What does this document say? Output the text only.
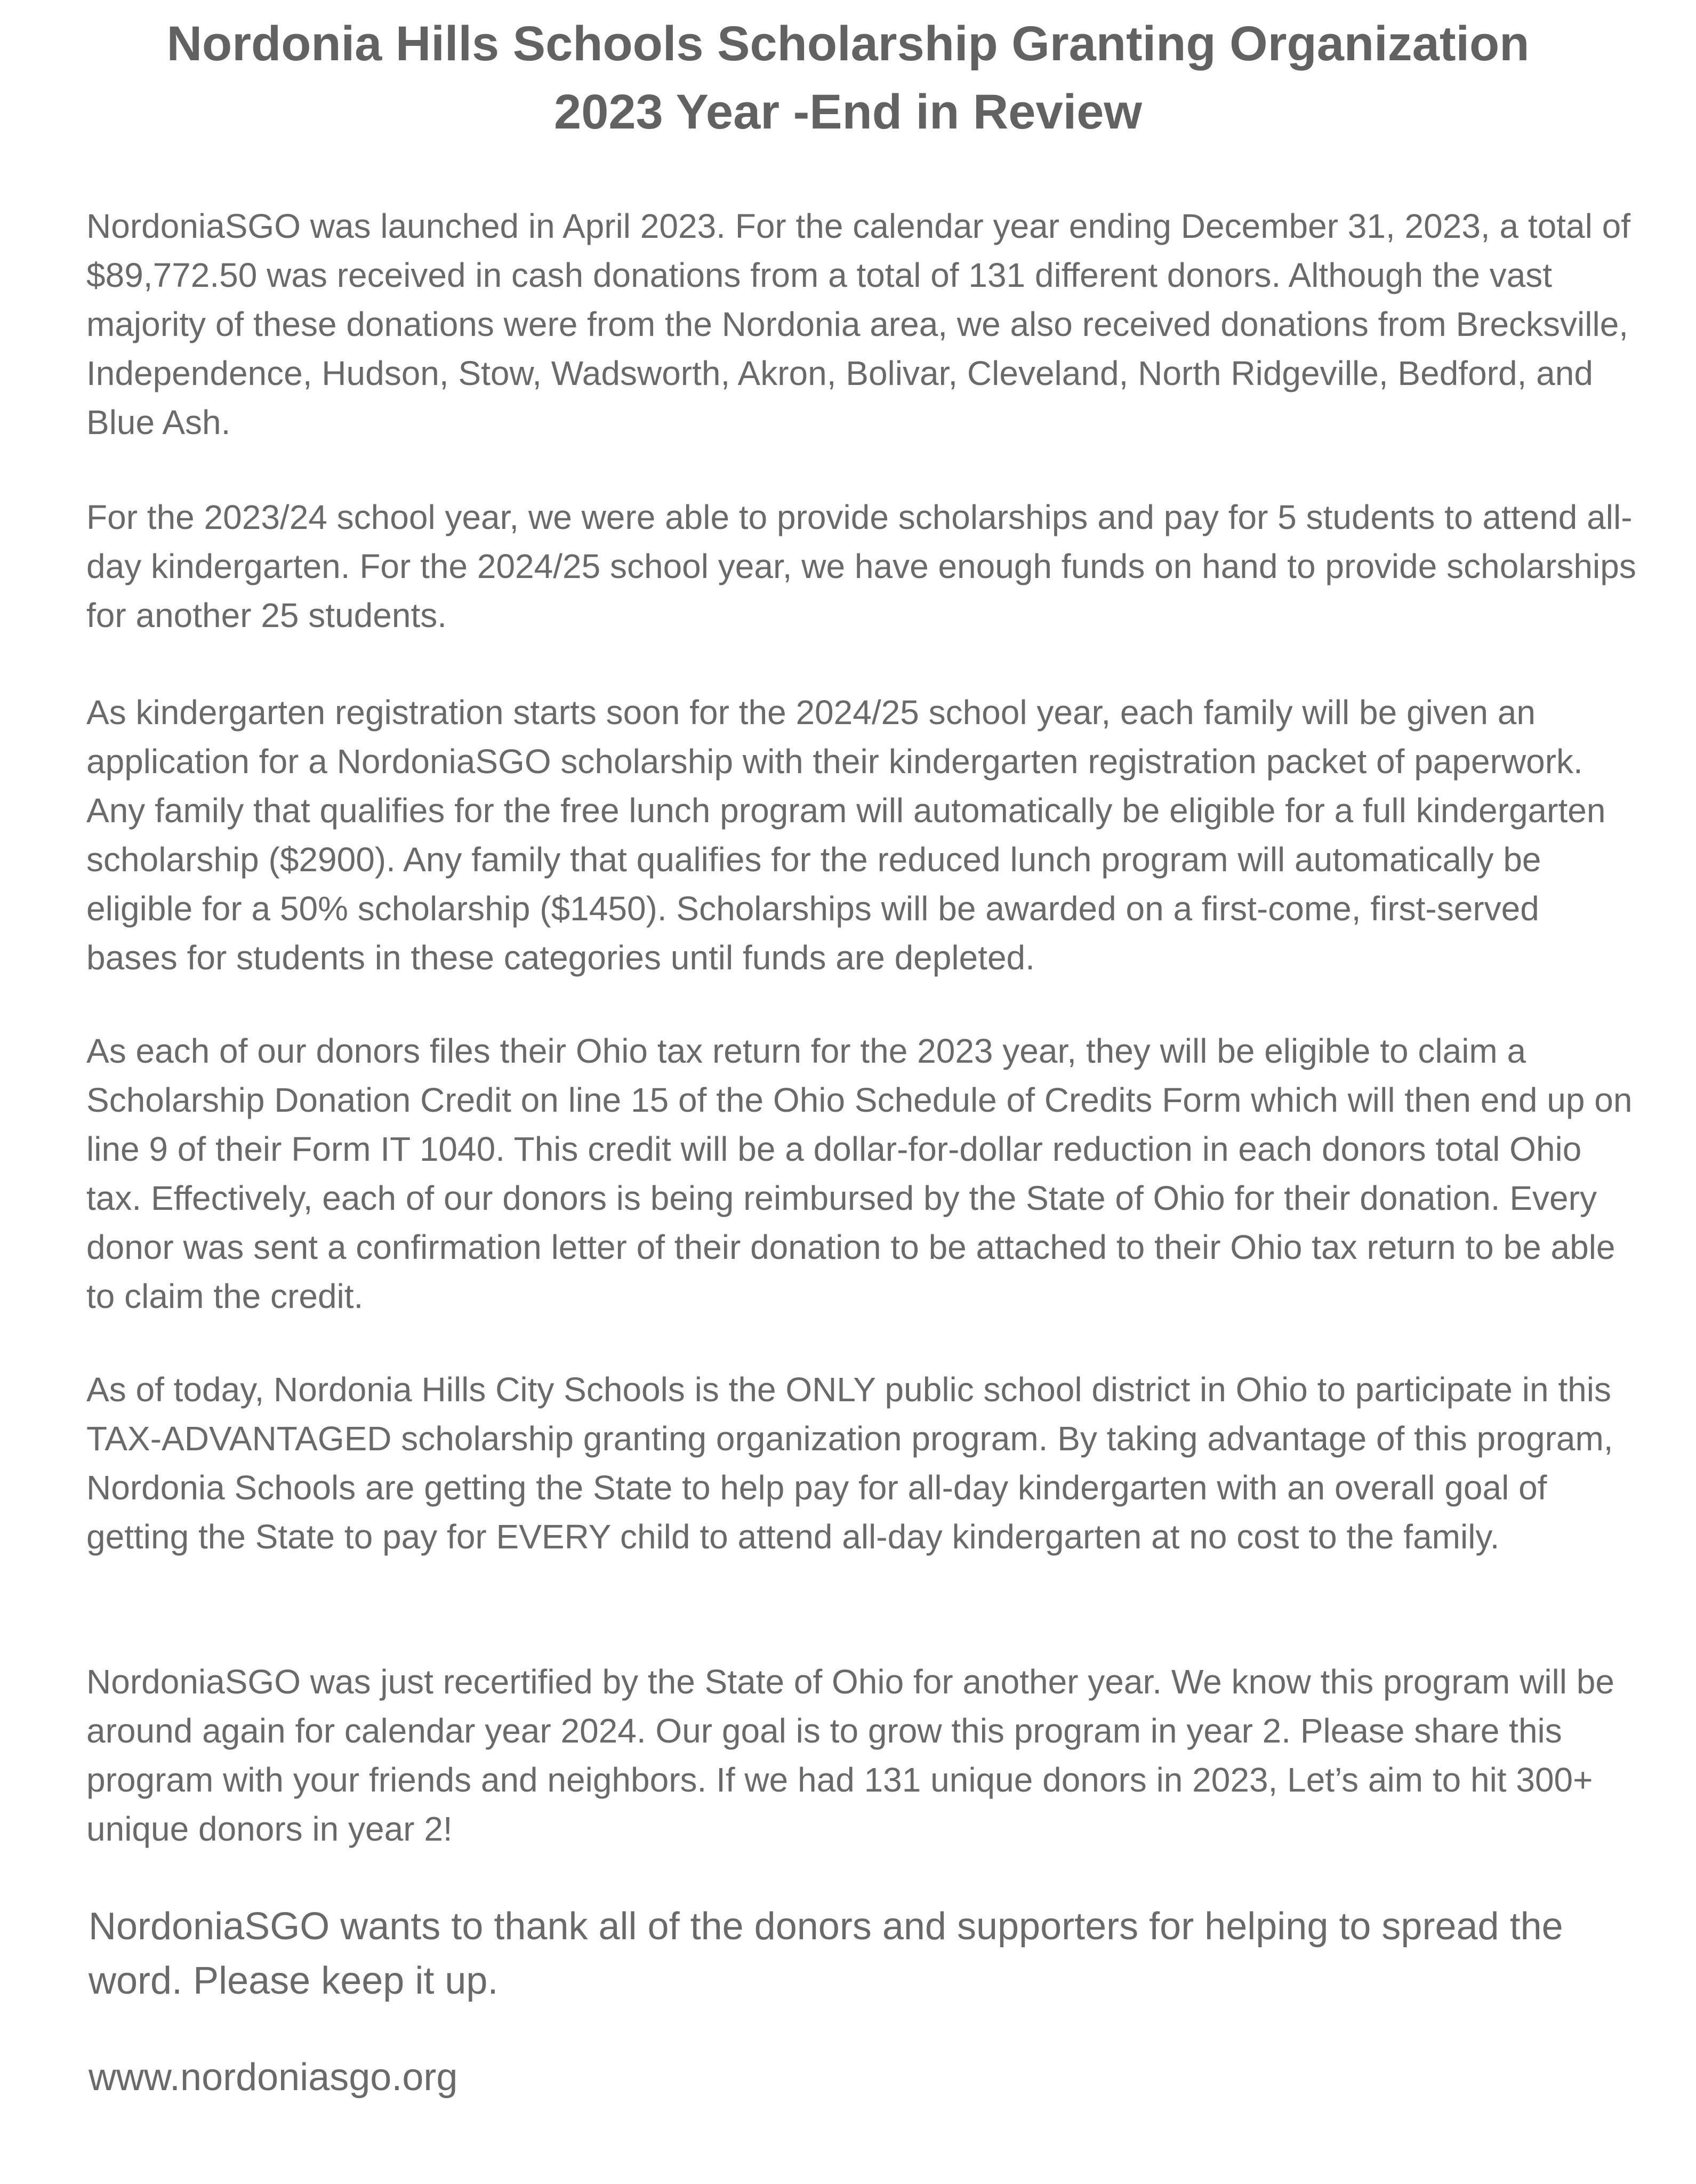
Nordonia Hills Schools Scholarship Granting Organization
2023 Year -End in Review

NordoniaSGO was launched in April 2023. For the calendar year ending December 31, 2023, a total of $89,772.50 was received in cash donations from a total of 131 different donors. Although the vast majority of these donations were from the Nordonia area, we also received donations from Brecksville, Independence, Hudson, Stow, Wadsworth, Akron, Bolivar, Cleveland, North Ridgeville, Bedford, and Blue Ash.

For the 2023/24 school year, we were able to provide scholarships and pay for 5 students to attend all-day kindergarten. For the 2024/25 school year, we have enough funds on hand to provide scholarships for another 25 students.

As kindergarten registration starts soon for the 2024/25 school year, each family will be given an application for a NordoniaSGO scholarship with their kindergarten registration packet of paperwork. Any family that qualifies for the free lunch program will automatically be eligible for a full kindergarten scholarship ($2900). Any family that qualifies for the reduced lunch program will automatically be eligible for a 50% scholarship ($1450). Scholarships will be awarded on a first-come, first-served bases for students in these categories until funds are depleted.

As each of our donors files their Ohio tax return for the 2023 year, they will be eligible to claim a Scholarship Donation Credit on line 15 of the Ohio Schedule of Credits Form which will then end up on line 9 of their Form IT 1040. This credit will be a dollar-for-dollar reduction in each donors total Ohio tax. Effectively, each of our donors is being reimbursed by the State of Ohio for their donation. Every donor was sent a confirmation letter of their donation to be attached to their Ohio tax return to be able to claim the credit.

As of today, Nordonia Hills City Schools is the ONLY public school district in Ohio to participate in this TAX-ADVANTAGED scholarship granting organization program. By taking advantage of this program, Nordonia Schools are getting the State to help pay for all-day kindergarten with an overall goal of getting the State to pay for EVERY child to attend all-day kindergarten at no cost to the family.

NordoniaSGO was just recertified by the State of Ohio for another year. We know this program will be around again for calendar year 2024. Our goal is to grow this program in year 2. Please share this program with your friends and neighbors. If we had 131 unique donors in 2023, Let’s aim to hit 300+ unique donors in year 2!

NordoniaSGO wants to thank all of the donors and supporters for helping to spread the word. Please keep it up.

www.nordoniasgo.org
